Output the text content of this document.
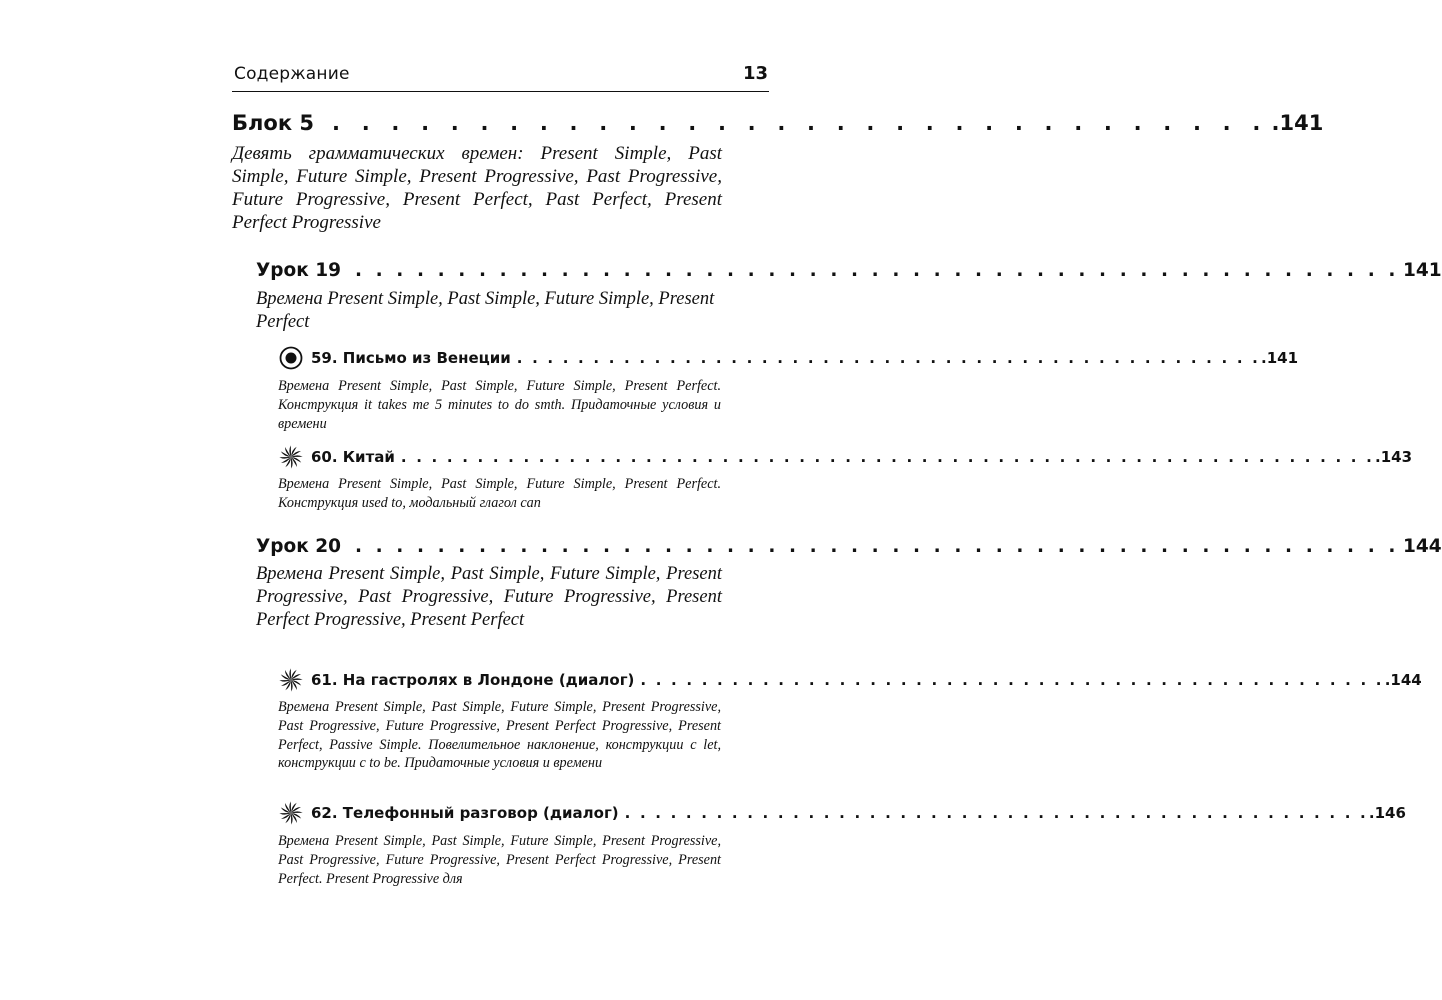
Содержание	13
Блок 5 . . . . . . . . . . . . . . . . . . . . . . . . . . . . . . . . .141
Девять грамматических времен: Present Simple, Past Simple, Future Simple, Present Progressive, Past Progressive, Future Progressive, Present Perfect, Past Perfect, Present Perfect Progressive
Урок 19 . . . . . . . . . . . . . . . . . . . . . . . . . . . . . . . . . . . . . . . . . . . . . . . . . . . 141
Времена Present Simple, Past Simple, Future Simple, Present Perfect
59. Письмо из Венеции . . . . . . . . . . . . . . . . . . . . . . . . . . . . . . . . . . . . . . . . . . . . . . . . . .141
Времена Present Simple, Past Simple, Future Simple, Present Perfect. Конструкция it takes me 5 minutes to do smth. Придаточные условия и времени
60. Китай . . . . . . . . . . . . . . . . . . . . . . . . . . . . . . . . . . . . . . . . . . . . . . . . . . . . . . . . . . . . . . . . .143
Времена Present Simple, Past Simple, Future Simple, Present Perfect. Конструкция used to, модальный глагол can
Урок 20 . . . . . . . . . . . . . . . . . . . . . . . . . . . . . . . . . . . . . . . . . . . . . . . . . . . 144
Времена Present Simple, Past Simple, Future Simple, Present Progressive, Past Progressive, Future Progressive, Present Perfect Progressive, Present Perfect
61. На гастролях в Лондоне (диалог) . . . . . . . . . . . . . . . . . . . . . . . . . . . . . . . . . . . . . . . . . . . . . . . . . .144
Времена Present Simple, Past Simple, Future Simple, Present Progressive, Past Progressive, Future Progressive, Present Perfect Progressive, Present Perfect, Passive Simple. Повелительное наклонение, конструкции с let, конструкции с to be. Придаточные условия и времени
62. Телефонный разговор (диалог) . . . . . . . . . . . . . . . . . . . . . . . . . . . . . . . . . . . . . . . . . . . . . . . . . .146
Времена Present Simple, Past Simple, Future Simple, Present Progressive, Past Progressive, Future Progressive, Present Perfect Progressive, Present Perfect. Present Progressive для
